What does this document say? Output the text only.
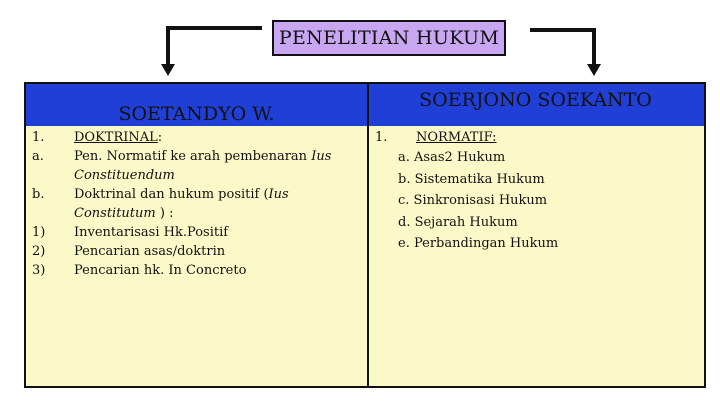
PENELITIAN HUKUM
SOETANDYO W.
SOERJONO SOEKANTO
1.
a.
b.
1)
2)
3)
DOKTRINAL:
Pen. Normatif ke arah pembenaran Ius Constituendum
Doktrinal dan hukum positif (Ius Constitutum ) :
Inventarisasi Hk.Positif
Pencarian asas/doktrin
Pencarian hk. In Concreto
1.	NORMATIF:
a. Asas2 Hukum
b. Sistematika Hukum
c. Sinkronisasi Hukum
d. Sejarah Hukum
e. Perbandingan Hukum
